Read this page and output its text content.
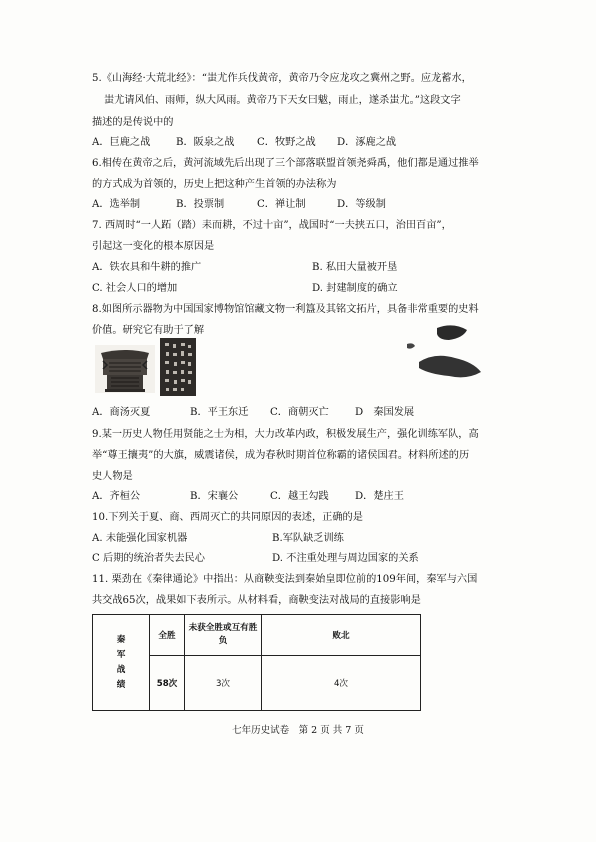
5.《山海经·大荒北经》：“蚩尤作兵伐黄帝，黄帝乃令应龙攻之冀州之野。应龙蓄水，
蚩尤请风伯、雨师，纵大风雨。黄帝乃下天女曰魃，雨止，遂杀蚩尤。”这段文字
描述的是传说中的
A．巨鹿之战	B．阪泉之战 C．牧野之战 D．涿鹿之战
6.相传在黄帝之后，黄河流域先后出现了三个部落联盟首领尧舜禹，他们都是通过推举
的方式成为首领的，历史上把这种产生首领的办法称为
A．选举制	B．投票制	C．禅让制	D．等级制
7. 西周时“一人跖（踏）耒而耕，不过十亩”，战国时“一夫挟五口，治田百亩”，
引起这一变化的根本原因是
A．铁农具和牛耕的推广	B. 私田大量被开垦
C. 社会人口的增加	D. 封建制度的确立
8.如图所示器物为中国国家博物馆馆藏文物一利簋及其铭文拓片，具备非常重要的史料
价值。研究它有助于了解
A．商汤灭夏	B．平王东迁 C．商朝灭亡	D　秦国发展
9.某一历史人物任用贤能之士为相，大力改革内政，积极发展生产，强化训练军队，高
举“尊王攘夷”的大旗，威震诸侯，成为春秋时期首位称霸的诸侯国君。材料所述的历
史人物是
A．齐桓公	B．宋襄公	C．越王勾践	D．楚庄王
10.下列关于夏、商、西周灭亡的共同原因的表述，正确的是
A. 未能强化国家机器	B.军队缺乏训练
C 后期的统治者失去民心	D. 不注重处理与周边国家的关系
11. 栗劲在《秦律通论》中指出：从商鞅变法到秦始皇即位前的109年间，秦军与六国
共交战65次，战果如下表所示。从材料看，商鞅变法对战局的直接影响是
秦军战绩	全胜	未获全胜或互有胜负	败北
	58次	3次	4次
七年历史试卷　第 2 页 共 7 页
